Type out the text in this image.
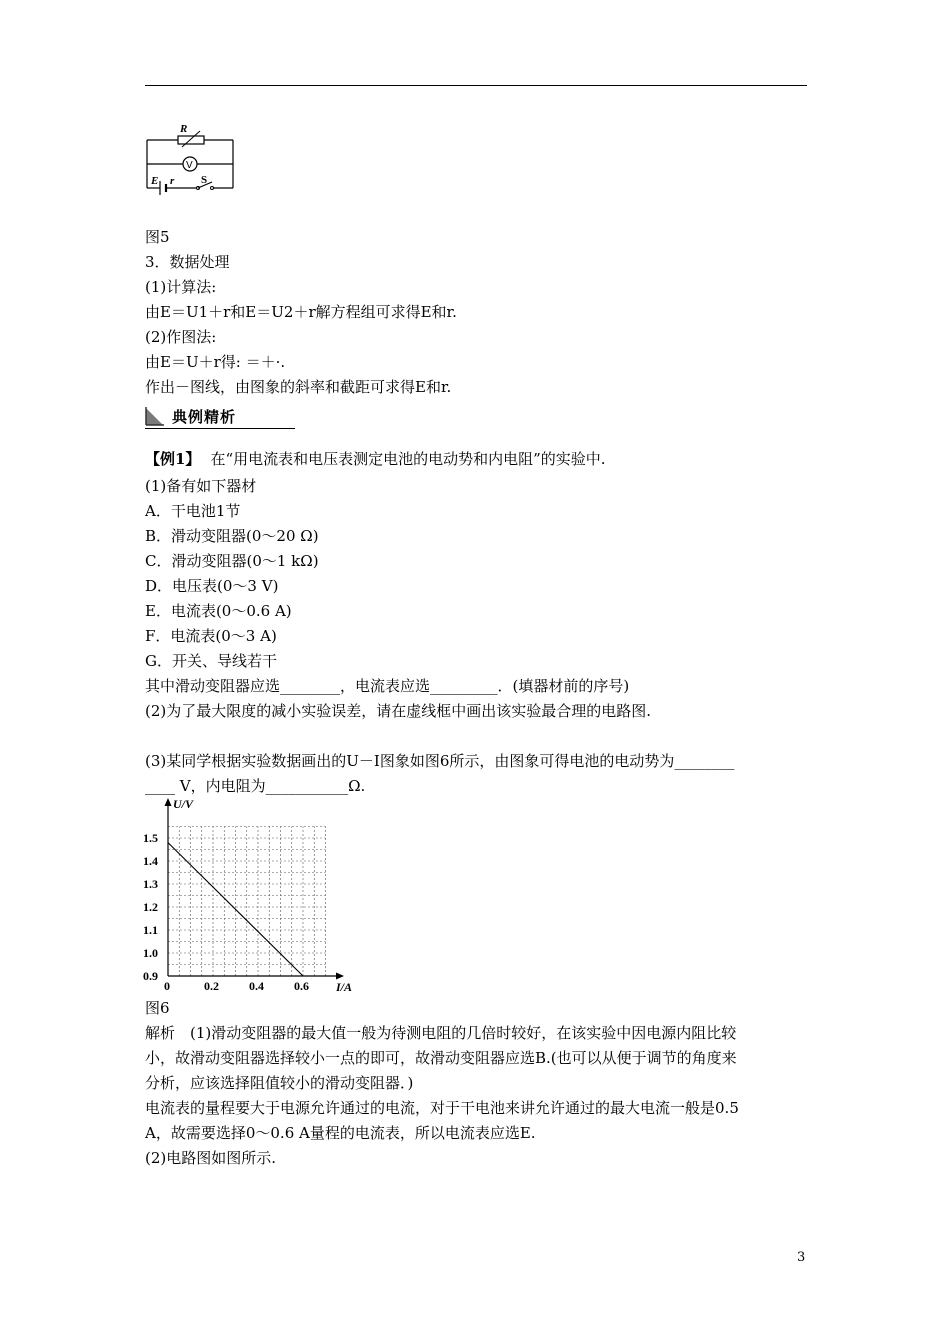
R
V
E r S
图5
3．数据处理
(1)计算法:
由E＝U1＋r和E＝U2＋r解方程组可求得E和r.
(2)作图法:
由E＝U＋r得: ＝＋·.
作出－图线，由图象的斜率和截距可求得E和r.
典例精析
【例1】 在“用电流表和电压表测定电池的电动势和内电阻”的实验中.
(1)备有如下器材
A．干电池1节
B．滑动变阻器(0～20 Ω)
C．滑动变阻器(0～1 kΩ)
D．电压表(0～3 V)
E．电流表(0～0.6 A)
F．电流表(0～3 A)
G．开关、导线若干
其中滑动变阻器应选________，电流表应选_________．(填器材前的序号)
(2)为了最大限度的减小实验误差，请在虚线框中画出该实验最合理的电路图.
(3)某同学根据实验数据画出的U－I图象如图6所示，由图象可得电池的电动势为________
____ V，内电阻为___________Ω.
0	0.2	0.4	0.6
0.9
1.0
1.1
1.2
1.3
1.4
1.5
U/V
I/A
图6
解析　(1)滑动变阻器的最大值一般为待测电阻的几倍时较好，在该实验中因电源内阻比较
小，故滑动变阻器选择较小一点的即可，故滑动变阻器应选B.(也可以从便于调节的角度来
分析，应该选择阻值较小的滑动变阻器．)
电流表的量程要大于电源允许通过的电流，对于干电池来讲允许通过的最大电流一般是0.5
A，故需要选择0～0.6 A量程的电流表，所以电流表应选E.
(2)电路图如图所示.
3
